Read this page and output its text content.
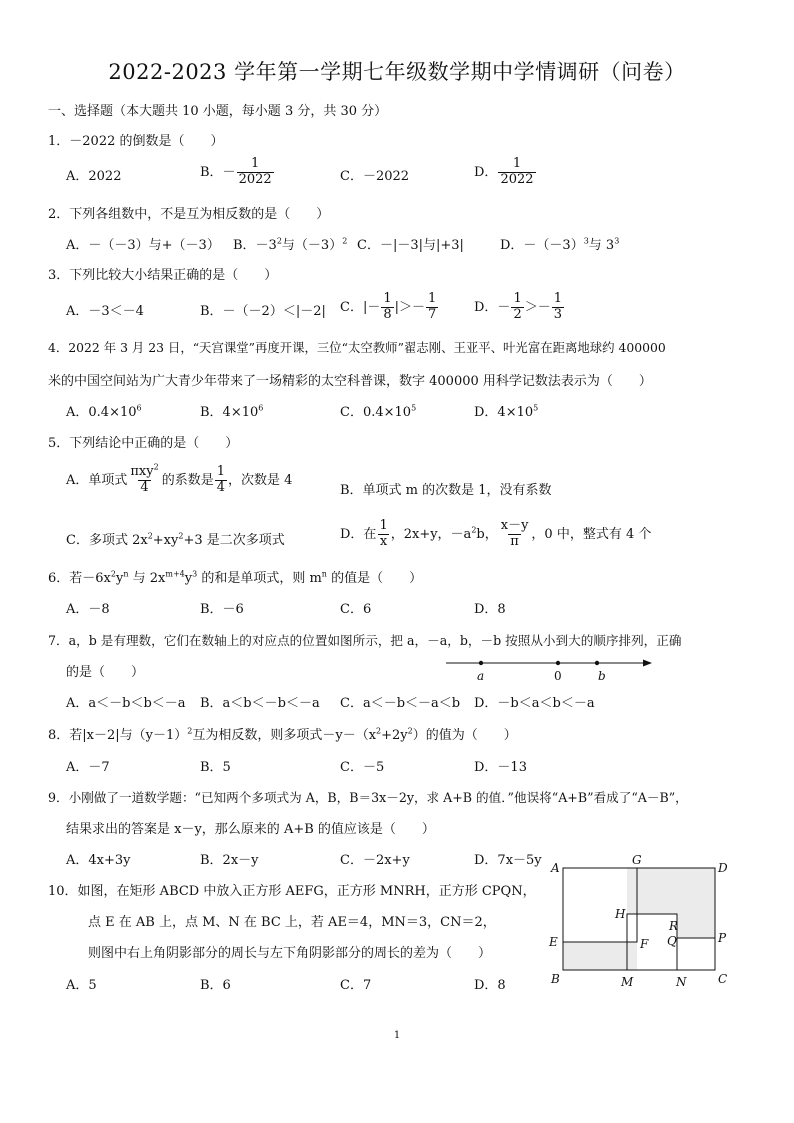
2022-2023 学年第一学期七年级数学期中学情调研（问卷）
一、选择题（本大题共 10 小题，每小题 3 分，共 30 分）
1．－2022 的倒数是（　　）
A．2022	B．－ $\frac{1}{2022}$	C．－2022	D． $\frac{1}{2022}$
2．下列各组数中，不是互为相反数的是（　　）
A．－（－3）与+（－3） B．$-3^2$与$(-3)^2$ C．－|－3|与|+3|	D．$-(-3)^3$与 $3^3$
3．下列比较大小结果正确的是（　　）
A．－3＜－4	B．－（－2）＜|－2| C．|－ $\frac{1}{8}$ |＞－ $\frac{1}{7}$	D．－ $\frac{1}{2} >- \frac{1}{3}$
4．2022 年 3 月 23 日，“天宫课堂”再度开课，三位“太空教师”翟志刚、王亚平、叶光富在距离地球约 400000
米的中国空间站为广大青少年带来了一场精彩的太空科普课，数字 400000 用科学记数法表示为（　　）
A．$0.4\times 10^6$	B．$4\times 10^6$	C．$0.4\times 10^5$	D．$4\times 10^5$
5．下列结论中正确的是（　　）
A．单项式 $\frac{\pi xy^2}{4}$ 的系数是 $\frac{1}{4}$ ，次数是 4
B．单项式 m 的次数是 1，没有系数
C．多项式 $2x^2+xy^2+3$ 是二次多项式	D．在 $\frac{1}{x}$ ，2x+y，$-a^2b$， $\frac{x-y}{\pi}$ ，0 中，整式有 4 个
6．若$-6x^2y^n$ 与 $2x^{m+4}y^3$ 的和是单项式，则 $m^n$ 的值是（　　）
A．－8	B．－6	C．6	D．8
7．a，b 是有理数，它们在数轴上的对应点的位置如图所示，把 a，－a，b，－b 按照从小到大的顺序排列，正确
的是（　　）	a	0	b
A．a＜－b＜b＜－a B．a＜b＜－b＜－a C．a＜－b＜－a＜b D．－b＜a＜b＜－a
8．若|x－2|与$(y-1)^2$互为相反数，则多项式$-y-(x^2+2y^2)$的值为（　　）
A．－7	B．5	C．－5	D．－13
9．小刚做了一道数学题：“已知两个多项式为 A，B，B＝3x－2y，求 A+B 的值．”他误将“A+B”看成了“A－B”，
结果求出的答案是 x－y，那么原来的 A+B 的值应该是（　　）
A．4x+3y	B．2x－y	C．－2x+y	D．7x－5y
10．如图，在矩形 ABCD 中放入正方形 AEFG，正方形 MNRH，正方形 CPQN，
点 E 在 AB 上，点 M、N 在 BC 上，若 AE＝4，MN＝3，CN＝2，
则图中右上角阴影部分的周长与左下角阴影部分的周长的差为（　　）
A．5	B．6	C．7	D．8
A
G
D
H
R
E	F Q	P
B	M	N	C
1
